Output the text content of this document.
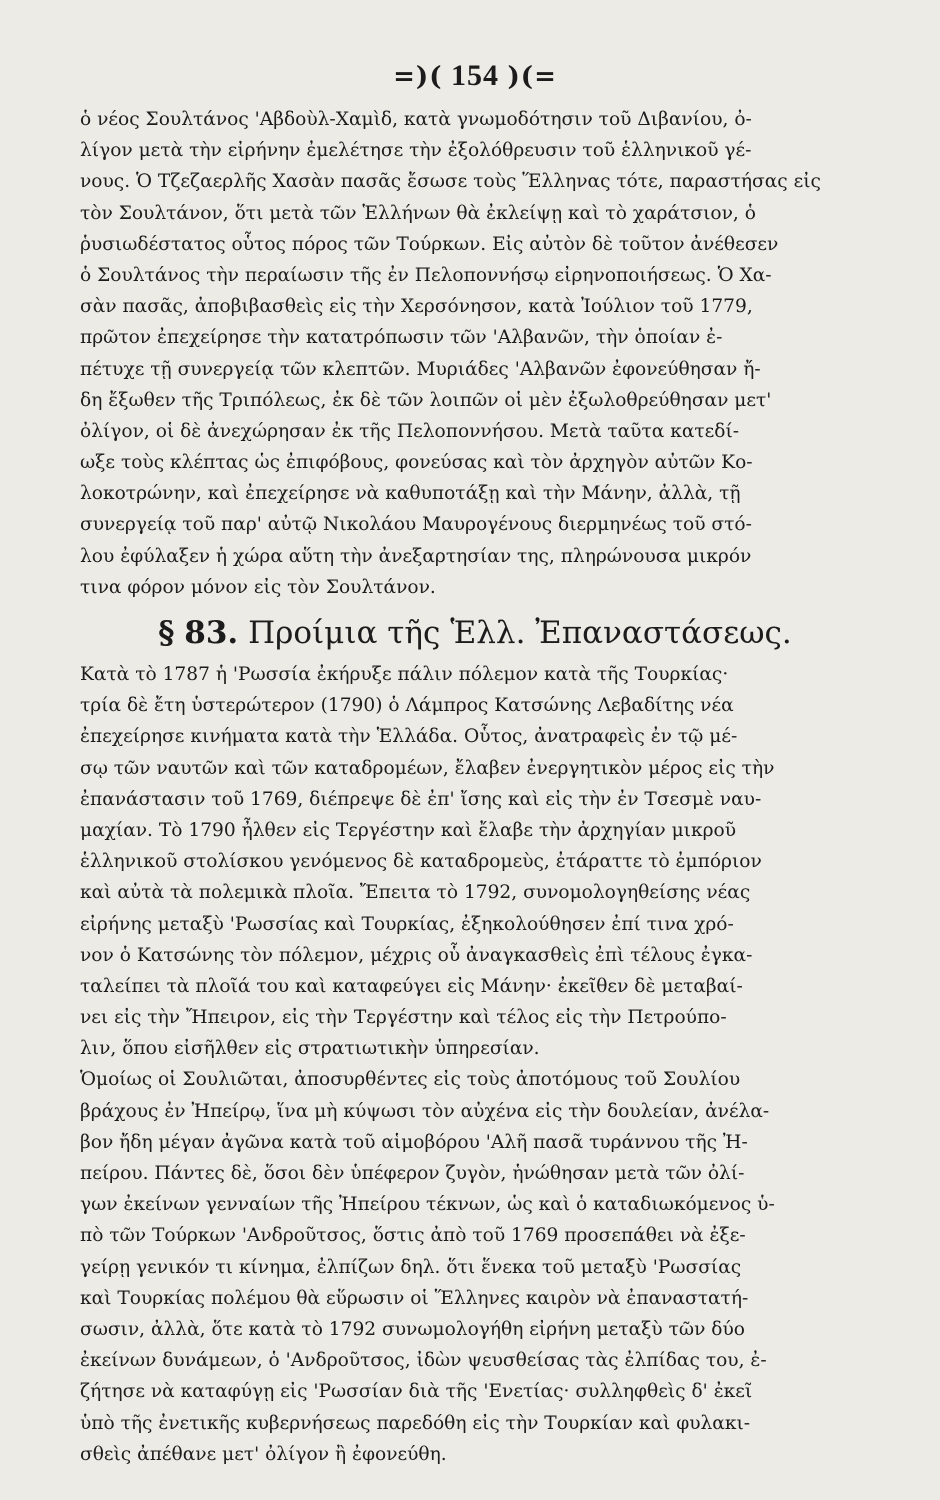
=)( 154 )(=

ὁ νέος Σουλτάνος 'Αβδοὺλ-Χαμὶδ, κατὰ γνωμοδότησιν τοῦ Διβανίου, ὀ-
λίγον μετὰ τὴν εἰρήνην ἐμελέτησε τὴν ἐξολόθρευσιν τοῦ ἑλληνικοῦ γέ-
νους. Ὁ Τζεζαερλῆς Χασὰν πασᾶς ἔσωσε τοὺς Ἕλληνας τότε, παραστήσας εἰς
τὸν Σουλτάνον, ὅτι μετὰ τῶν Ἑλλήνων θὰ ἐκλείψῃ καὶ τὸ χαράτσιον, ὁ
ῥυσιωδέστατος οὗτος πόρος τῶν Τούρκων. Εἰς αὐτὸν δὲ τοῦτον ἀνέθεσεν
ὁ Σουλτάνος τὴν περαίωσιν τῆς ἐν Πελοποννήσῳ εἰρηνοποιήσεως. Ὁ Χα-
σὰν πασᾶς, ἀποβιβασθεὶς εἰς τὴν Χερσόνησον, κατὰ Ἰούλιον τοῦ 1779,
πρῶτον ἐπεχείρησε τὴν κατατρόπωσιν τῶν 'Αλβανῶν, τὴν ὁποίαν ἐ-
πέτυχε τῇ συνεργείᾳ τῶν κλεπτῶν. Μυριάδες 'Αλβανῶν ἐφονεύθησαν ἤ-
δη ἔξωθεν τῆς Τριπόλεως, ἐκ δὲ τῶν λοιπῶν οἱ μὲν ἐξωλοθρεύθησαν μετ'
ὀλίγον, οἱ δὲ ἀνεχώρησαν ἐκ τῆς Πελοποννήσου. Μετὰ ταῦτα κατεδί-
ωξε τοὺς κλέπτας ὡς ἐπιφόβους, φονεύσας καὶ τὸν ἀρχηγὸν αὐτῶν Κο-
λοκοτρώνην, καὶ ἐπεχείρησε νὰ καθυποτάξῃ καὶ τὴν Μάνην, ἀλλὰ, τῇ
συνεργείᾳ τοῦ παρ' αὐτῷ Νικολάου Μαυρογένους διερμηνέως τοῦ στό-
λου ἐφύλαξεν ἡ χώρα αὕτη τὴν ἀνεξαρτησίαν της, πληρώνουσα μικρόν
τινα φόρον μόνον εἰς τὸν Σουλτάνον.

§ 83. Προίμια τῆς Ἑλλ. Ἐπαναστάσεως.

Κατὰ τὸ 1787 ἡ 'Ρωσσία ἐκήρυξε πάλιν πόλεμον κατὰ τῆς Τουρκίας·
τρία δὲ ἔτη ὑστερώτερον (1790) ὁ Λάμπρος Κατσώνης Λεβαδίτης νέα
ἐπεχείρησε κινήματα κατὰ τὴν Ἑλλάδα. Οὗτος, ἀνατραφεὶς ἐν τῷ μέ-
σῳ τῶν ναυτῶν καὶ τῶν καταδρομέων, ἔλαβεν ἐνεργητικὸν μέρος εἰς τὴν
ἐπανάστασιν τοῦ 1769, διέπρεψε δὲ ἐπ' ἴσης καὶ εἰς τὴν ἐν Τσεσμὲ ναυ-
μαχίαν. Τὸ 1790 ἦλθεν εἰς Τεργέστην καὶ ἔλαβε τὴν ἀρχηγίαν μικροῦ
ἑλληνικοῦ στολίσκου γενόμενος δὲ καταδρομεὺς, ἐτάραττε τὸ ἐμπόριον
καὶ αὐτὰ τὰ πολεμικὰ πλοῖα. Ἔπειτα τὸ 1792, συνομολογηθείσης νέας
εἰρήνης μεταξὺ 'Ρωσσίας καὶ Τουρκίας, ἐξηκολούθησεν ἐπί τινα χρό-
νον ὁ Κατσώνης τὸν πόλεμον, μέχρις οὗ ἀναγκασθεὶς ἐπὶ τέλους ἐγκα-
ταλείπει τὰ πλοῖά του καὶ καταφεύγει εἰς Μάνην· ἐκεῖθεν δὲ μεταβαί-
νει εἰς τὴν Ἤπειρον, εἰς τὴν Τεργέστην καὶ τέλος εἰς τὴν Πετρούπο-
λιν, ὅπου εἰσῆλθεν εἰς στρατιωτικὴν ὑπηρεσίαν.

Ὁμοίως οἱ Σουλιῶται, ἀποσυρθέντες εἰς τοὺς ἀποτόμους τοῦ Σουλίου
βράχους ἐν Ἠπείρῳ, ἵνα μὴ κύψωσι τὸν αὐχένα εἰς τὴν δουλείαν, ἀνέλα-
βον ἤδη μέγαν ἀγῶνα κατὰ τοῦ αἱμοβόρου 'Αλῆ πασᾶ τυράννου τῆς Ἠ-
πείρου. Πάντες δὲ, ὅσοι δὲν ὑπέφερον ζυγὸν, ἡνώθησαν μετὰ τῶν ὀλί-
γων ἐκείνων γενναίων τῆς Ἠπείρου τέκνων, ὡς καὶ ὁ καταδιωκόμενος ὑ-
πὸ τῶν Τούρκων 'Ανδροῦτσος, ὅστις ἀπὸ τοῦ 1769 προσεπάθει νὰ ἐξε-
γείρῃ γενικόν τι κίνημα, ἐλπίζων δηλ. ὅτι ἕνεκα τοῦ μεταξὺ 'Ρωσσίας
καὶ Τουρκίας πολέμου θὰ εὕρωσιν οἱ Ἕλληνες καιρὸν νὰ ἐπαναστατή-
σωσιν, ἀλλὰ, ὅτε κατὰ τὸ 1792 συνωμολογήθη εἰρήνη μεταξὺ τῶν δύο
ἐκείνων δυνάμεων, ὁ 'Ανδροῦτσος, ἰδὼν ψευσθείσας τὰς ἐλπίδας του, ἐ-
ζήτησε νὰ καταφύγῃ εἰς 'Ρωσσίαν διὰ τῆς 'Ενετίας· συλληφθεὶς δ' ἐκεῖ
ὑπὸ τῆς ἐνετικῆς κυβερνήσεως παρεδόθη εἰς τὴν Τουρκίαν καὶ φυλακι-
σθεὶς ἀπέθανε μετ' ὀλίγον ἢ ἐφονεύθη.
